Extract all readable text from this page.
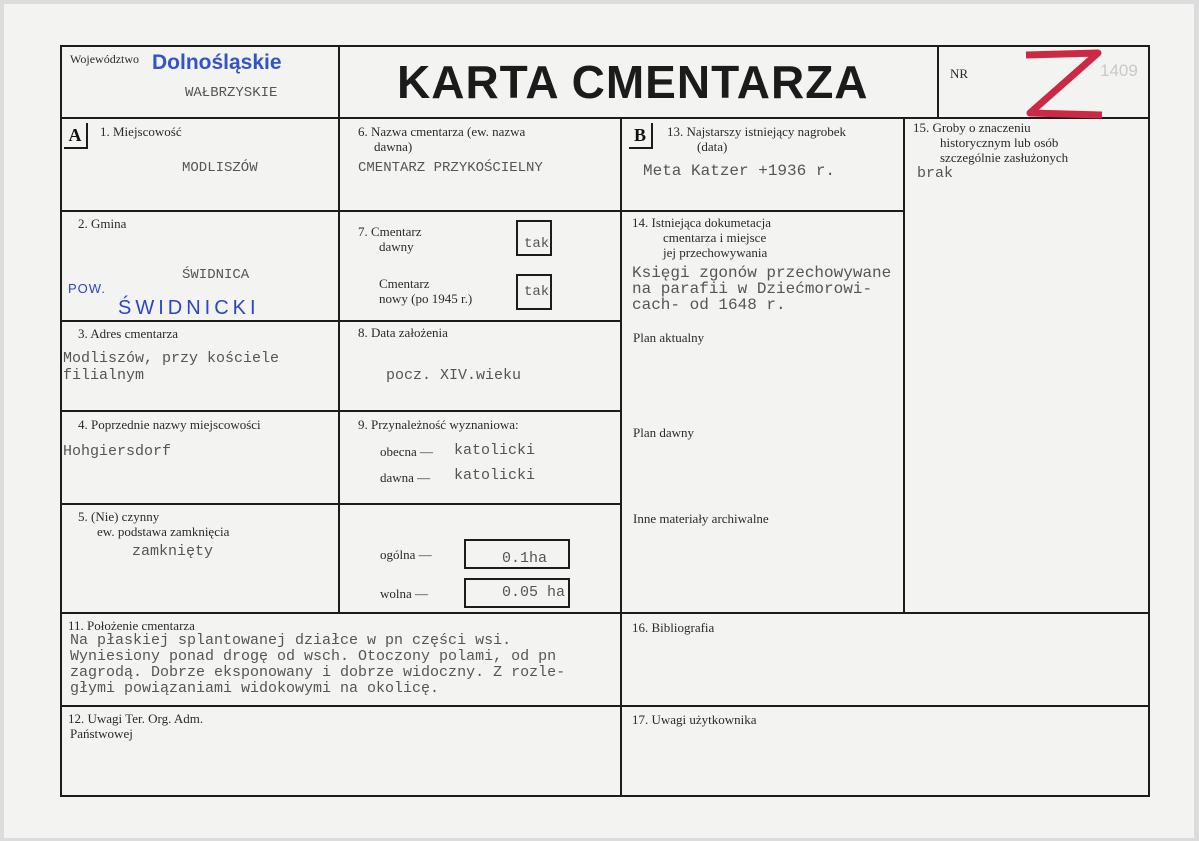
Województwo Dolnośląskie
WAŁBRZYSKIE	KARTA CMENTARZA	NR	1409
A	1. Miejscowość
MODLISZÓW
2. Gmina
ŚWIDNICA
POW.
ŚWIDNICKI
3. Adres cmentarza
Modliszów, przy kościele
filialnym
4. Poprzednie nazwy miejscowości
Hohgiersdorf
5. (Nie) czynny
ew. podstawa zamknięcia
zamknięty
6. Nazwa cmentarza (ew. nazwa
dawna)
CMENTARZ PRZYKOŚCIELNY
7. Cmentarz
dawny	tak
Cmentarz
nowy (po 1945 r.)	tak
8. Data założenia
pocz. XIV.wieku
9. Przynależność wyznaniowa:
obecna — katolicki
dawna — katolicki
ogólna —	0.1ha
wolna —	0.05 ha
B	13. Najstarszy istniejący nagrobek
(data)
Meta Katzer +1936 r.
14. Istniejąca dokumetacja
cmentarza i miejsce
jej przechowywania
Księgi zgonów przechowywane
na parafii w Dziećmorowi-
cach- od 1648 r.
Plan aktualny
Plan dawny
Inne materiały archiwalne
15. Groby o znaczeniu
historycznym lub osób
szczególnie zasłużonych
brak
11. Położenie cmentarza
Na płaskiej splantowanej działce w pn części wsi.
Wyniesiony ponad drogę od wsch. Otoczony polami, od pn
zagrodą. Dobrze eksponowany i dobrze widoczny. Z rozle-
głymi powiązaniami widokowymi na okolicę.
12. Uwagi Ter. Org. Adm.
Państwowej
16. Bibliografia
17. Uwagi użytkownika
